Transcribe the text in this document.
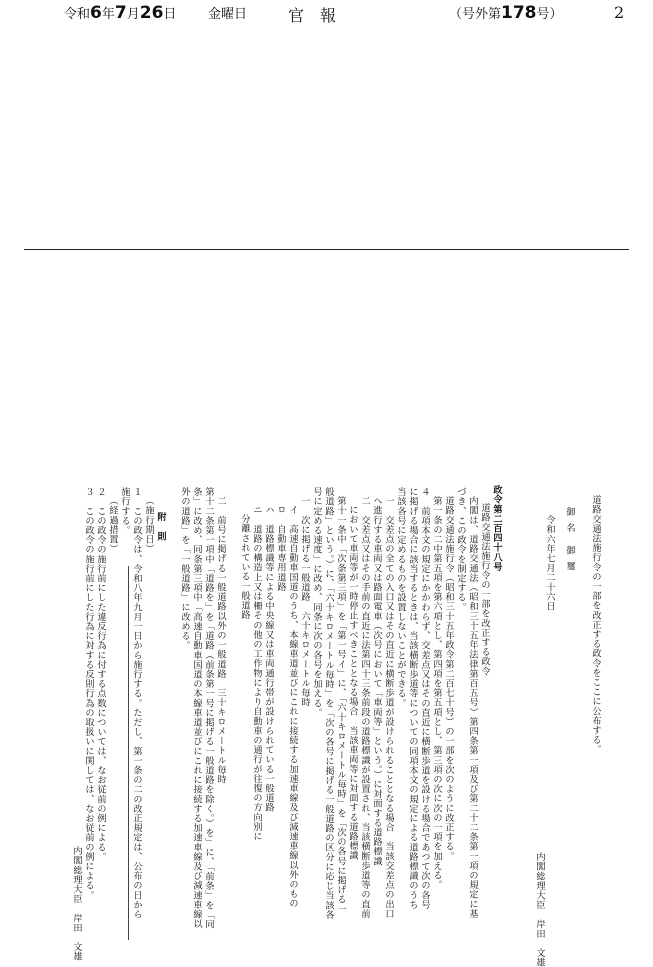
令和6年7月26日 金曜日	官　報	（号外第178号）	2
道路交通法施行令の一部を改正する政令をここに公布する。
御 名　御 璽
令和六年七月二十六日
内閣総理大臣　岸田　文雄
政令第二百四十八号
道路交通法施行令の一部を改正する政令
内閣は、道路交通法（昭和三十五年法律第百五号）第四条第一項及び第二十二条第一項の規定に基
づき、この政令を制定する。
道路交通法施行令（昭和三十五年政令第二百七十号）の一部を次のように改正する。
第一条の二中第五項を第六項とし、第四項を第五項とし、第三項の次に次の一項を加える。
４　前項本文の規定にかかわらず、交差点又はその直近に横断歩道を設ける場合であつて次の各号
に掲げる場合に該当するときは、当該横断歩道等についての同項本文の規定による道路標識のうち
当該各号に定めるものを設置しないことができる。
一　交差点の全ての入口又はその直近に横断歩道が設けられることとなる場合　当該交差点の出口
へ進行する車両又は路面電車（次号において「車両等」という。）に対面する道路標識
二　交差点又はその手前の直近に法第四十三条前段の道路標識が設置され、当該横断歩道等の直前
において車両等が一時停止すべきこととなる場合　当該車両等に対面する道路標識
第十一条中「次条第三項」を「第一号イ」に、「六十キロメートル毎時」を「次の各号に掲げる一
般道路」という。）に、「六十キロメートル毎時」を「次の各号に掲げる一般道路の区分に応じ当該各
号に定める速度」に改め、同条に次の各号を加える。
一　次に掲げる一般道路　六十キロメートル毎時
イ　高速自動車国道のうち、本線車道並びにこれに接続する加速車線及び減速車線以外のもの
ロ　自動車専用道路
ハ　道路標識等による中央線又は車両通行帯が設けられている一般道路
ニ　道路の構造上又は柵その他の工作物により自動車の通行が往復の方向別に
分離されている一般道路
二　前号に掲げる一般道路以外の一般道路　三十キロメートル毎時
第十二条第一項中「道路を」を「道路（前条第一号に掲げる一般道路を除く。）を」に、「前条」を「同
条」に改め、同条第三項中「高速自動車国道の本線車道並びにこれに接続する加速車線及び減速車線以
外の道路」を「一般道路」に改める。
附　則
（施行期日）
１　この政令は、令和八年九月一日から施行する。ただし、第一条の二の改正規定は、公布の日から
施行する。
（経過措置）
２　この政令の施行前にした違反行為に付する点数については、なお従前の例による。
３　この政令の施行前にした行為に対する反則行為の取扱いに関しては、なお従前の例による。
内閣総理大臣　岸田　文雄
